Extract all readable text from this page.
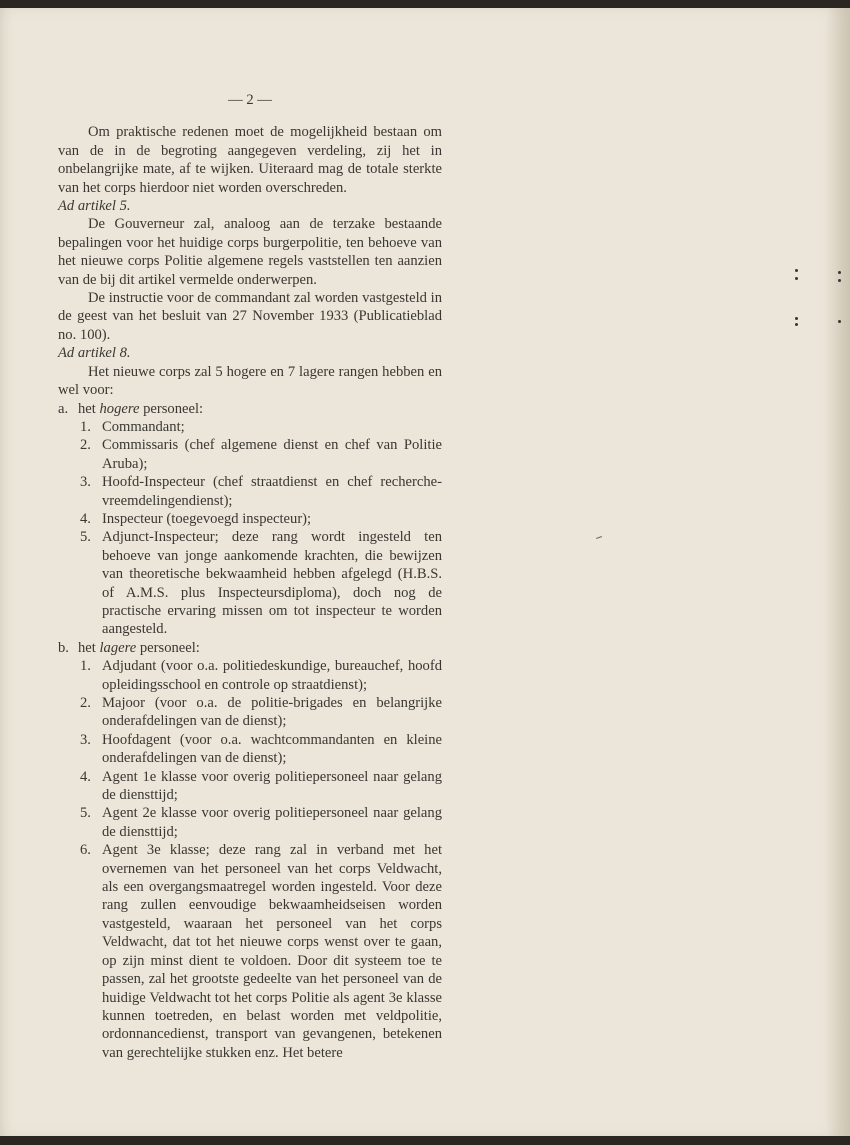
— 2 —

Om praktische redenen moet de mogelijkheid bestaan om van de in de begroting aangegeven verdeling, zij het in onbelangrijke mate, af te wijken. Uiteraard mag de totale sterkte van het corps hierdoor niet worden overschreden.

Ad artikel 5.

De Gouverneur zal, analoog aan de terzake bestaande bepalingen voor het huidige corps burgerpolitie, ten behoeve van het nieuwe corps Politie algemene regels vaststellen ten aanzien van de bij dit artikel vermelde onderwerpen.

De instructie voor de commandant zal worden vastgesteld in de geest van het besluit van 27 November 1933 (Publicatieblad no. 100).

Ad artikel 8.

Het nieuwe corps zal 5 hogere en 7 lagere rangen hebben en wel voor:

a. het hogere personeel:
1. Commandant;
2. Commissaris (chef algemene dienst en chef van Politie Aruba);
3. Hoofd-Inspecteur (chef straatdienst en chef recherche-vreemdelingendienst);
4. Inspecteur (toegevoegd inspecteur);
5. Adjunct-Inspecteur; deze rang wordt ingesteld ten behoeve van jonge aankomende krachten, die bewijzen van theoretische bekwaamheid hebben afgelegd (H.B.S. of A.M.S. plus Inspecteursdiploma), doch nog de practische ervaring missen om tot inspecteur te worden aangesteld.
b. het lagere personeel:
1. Adjudant (voor o.a. politiedeskundige, bureauchef, hoofd opleidingsschool en controle op straatdienst);
2. Majoor (voor o.a. de politie-brigades en belangrijke onderafdelingen van de dienst);
3. Hoofdagent (voor o.a. wachtcommandanten en kleine onderafdelingen van de dienst);
4. Agent 1e klasse voor overig politiepersoneel naar gelang de diensttijd;
5. Agent 2e klasse voor overig politiepersoneel naar gelang de diensttijd;
6. Agent 3e klasse; deze rang zal in verband met het overnemen van het personeel van het corps Veldwacht, als een overgangsmaatregel worden ingesteld. Voor deze rang zullen eenvoudige bekwaamheidseisen worden vastgesteld, waaraan het personeel van het corps Veldwacht, dat tot het nieuwe corps wenst over te gaan, op zijn minst dient te voldoen. Door dit systeem toe te passen, zal het grootste gedeelte van het personeel van de huidige Veldwacht tot het corps Politie als agent 3e klasse kunnen toetreden, en belast worden met veldpolitie, ordonnancedienst, transport van gevangenen, betekenen van gerechtelijke stukken enz. Het betere
